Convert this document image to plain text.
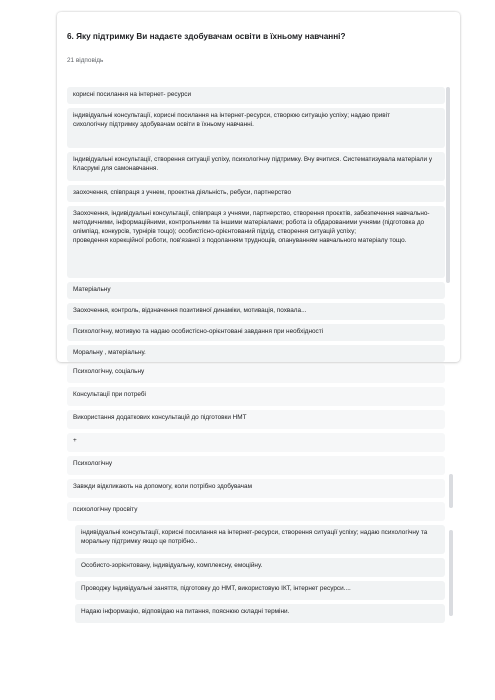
6. Яку підтримку Ви надаєте здобувачам освіти в їхньому навчанні?
21 відповідь
корисні посилання на інтернет- ресурси
індивідуальні консультації, корисні посилання на інтернет-ресурси, створюю ситуацію успіху; надаю привіт
сихологічну підтримку здобувачам освіти в їхньому навчанні.
Індивідуальні консультації, створення ситуації успіху, психологічну підтримку. Вчу вчитися. Систематизувала матеріали у Класрумі для самонавчання.
заохочення, співпраця з учнем, проектна діяльність, ребуси, партнерство
Заохочення, індивідуальні консультації, співпраця з учнями, партнерство, створення проєктів, забезпечення навчально-методичними, інформаційними, контрольними та іншими матеріалами; робота із обдарованими учнями (підготовка до олімпіад, конкурсів, турнірів тощо); особистісно-орієнтований підхід, створення ситуацій успіху;
проведення корекційної роботи, пов'язаної з подоланням труднощів, опануванням навчального матеріалу тощо.
Матеріальну
Заохочення, контроль, відзначення позитивної динаміки, мотивація, похвала...
Психологічну, мотивую та надаю особистісно-орієнтовані завдання при необхідності
Моральну , матеріальну.
Психологічну, соціальну
Консультації при потребі
Використання додаткових консультацій до підготовки НМТ
+
Психологічну
Завжди відкликають на допомогу, коли потрібно здобувачам
психологічну просвіту
індивідуальні консультації, корисні посилання на інтернет-ресурси, створення ситуації успіху; надаю психологічну та моральну підтримку якщо це потрібно..
Особисто-зорієнтовану, індивідуальну, комплексну, емоційну.
Проводжу Індивідуальні заняття, підготовку до НМТ, використовую ІКТ, інтернет ресурси....
Надаю інформацію, відповідаю на питання, пояснюю складні терміни.
